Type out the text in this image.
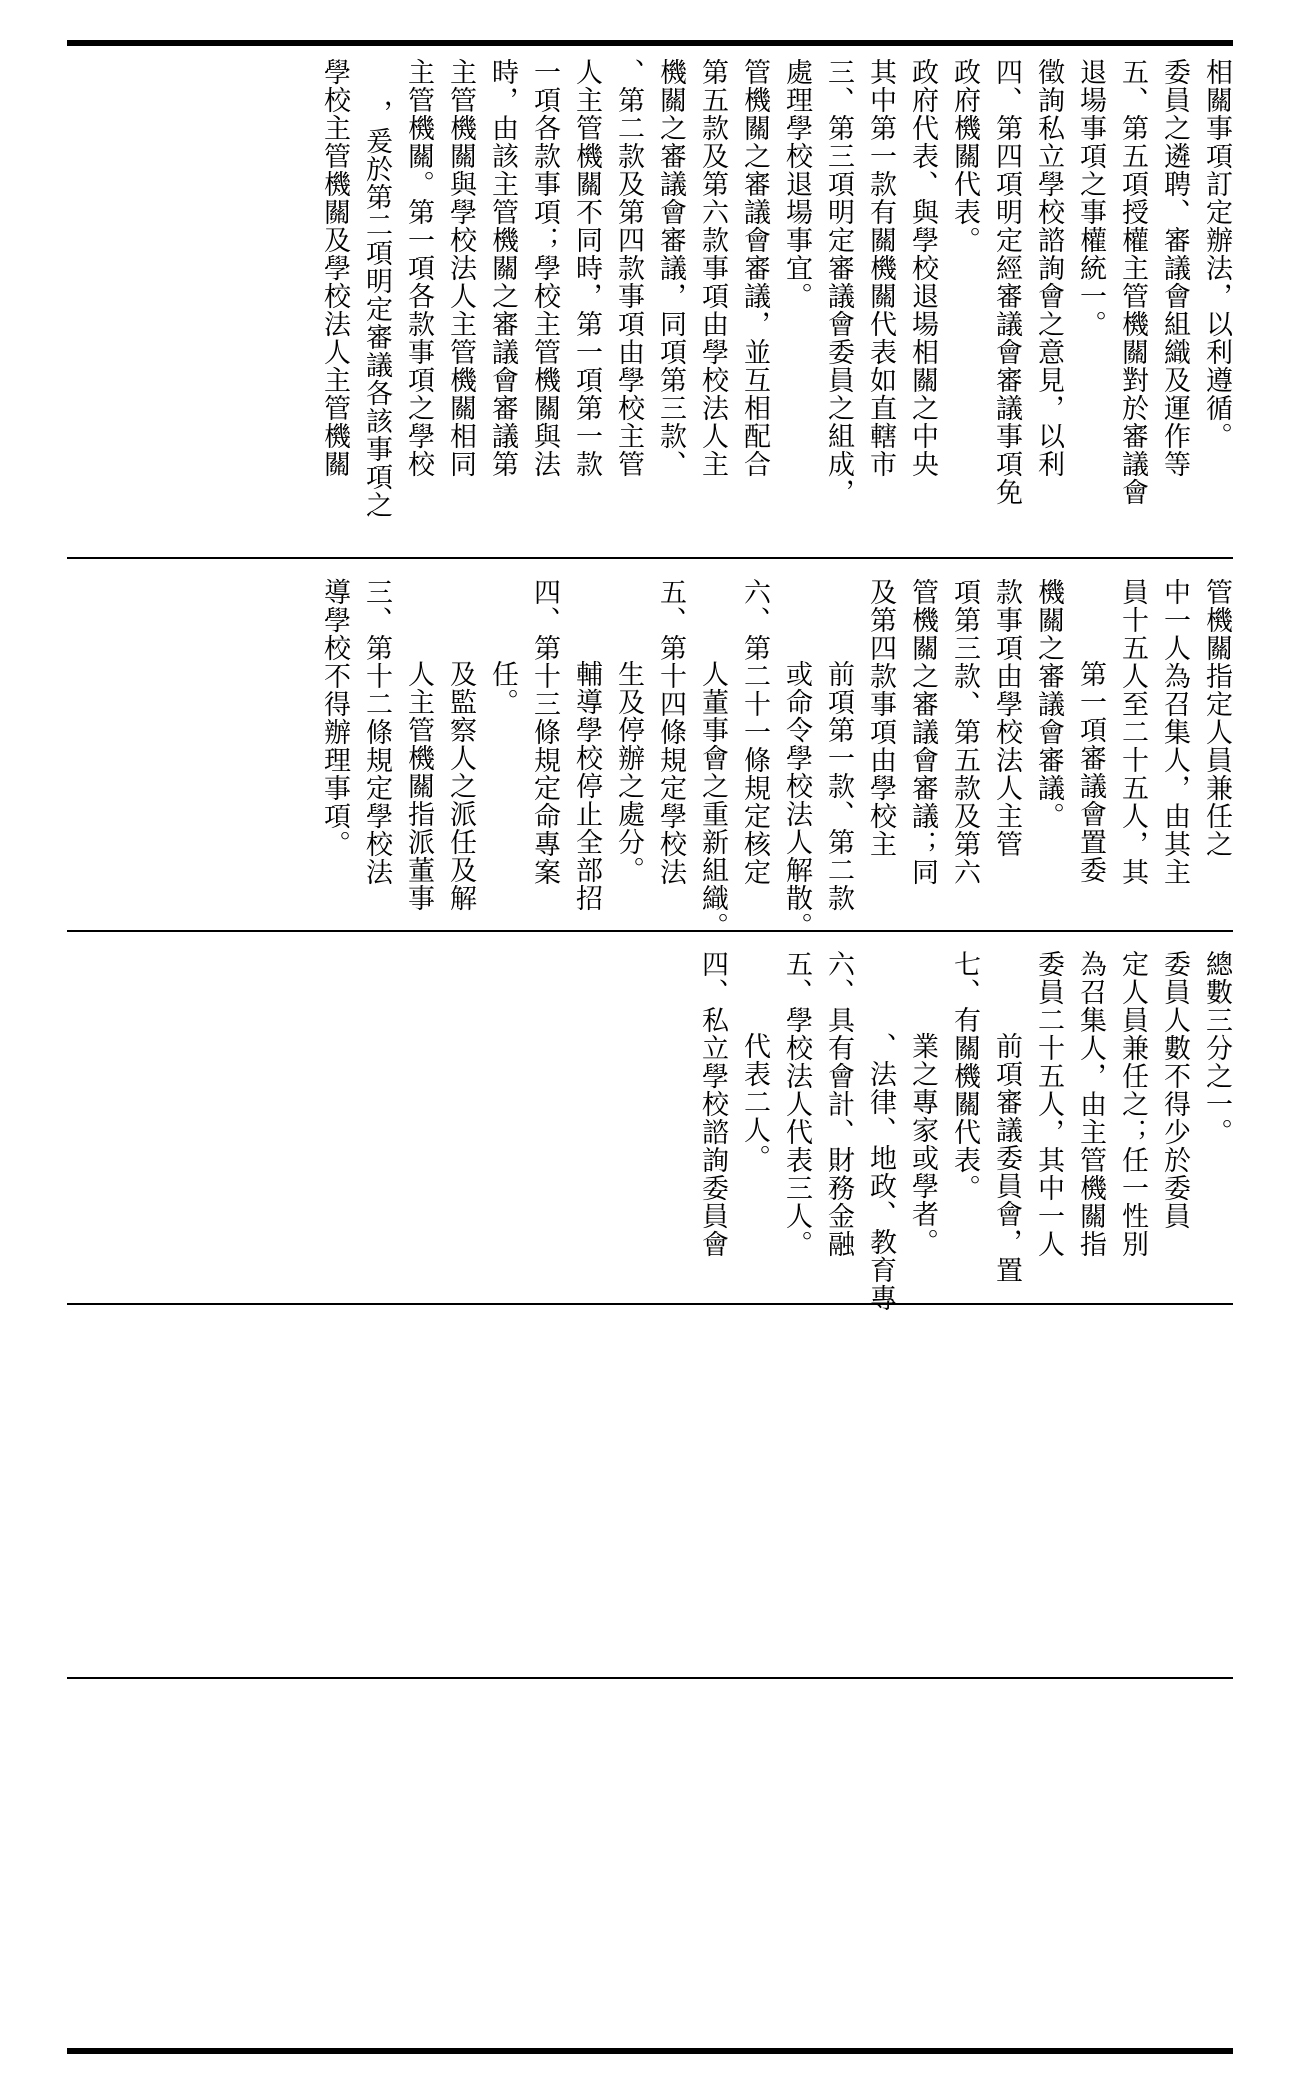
學校主管機關及學校法人主管機關 ，爰於第二項明定審議各該事項之 主管機關。第一項各款事項之學校 主管機關與學校法人主管機關相同 時，由該主管機關之審議會審議第 一項各款事項；學校主管機關與法 人主管機關不同時，第一項第一款 、第二款及第四款事項由學校主管 機關之審議會審議，同項第三款、 第五款及第六款事項由學校法人主 管機關之審議會審議，並互相配合 處理學校退場事宜。 三、第三項明定審議會委員之組成， 其中第一款有關機關代表如直轄市 政府代表、與學校退場相關之中央 政府機關代表。 四、第四項明定經審議會審議事項免 徵詢私立學校諮詢會之意見，以利 退場事項之事權統一。 五、第五項授權主管機關對於審議會 委員之遴聘、審議會組織及運作等 相關事項訂定辦法，以利遵循。
導學校不得辦理事項。 三、第十二條規定學校法 人主管機關指派董事 及監察人之派任及解 任。 四、第十三條規定命專案 輔導學校停止全部招 生及停辦之處分。 五、第十四條規定學校法 人董事會之重新組織。 六、第二十一條規定核定 或命令學校法人解散。 前項第一款、第二款 及第四款事項由學校主 管機關之審議會審議；同 項第三款、第五款及第六 款事項由學校法人主管 機關之審議會審議。 第一項審議會置委 員十五人至二十五人，其 中一人為召集人，由其主 管機關指定人員兼任之
四、私立學校諮詢委員會 代表二人。 五、學校法人代表三人。 六、具有會計、財務金融 、法律、地政、教育專 業之專家或學者。 七、有關機關代表。 前項審議委員會，置 委員二十五人，其中一人 為召集人，由主管機關指 定人員兼任之；任一性別 委員人數不得少於委員 總數三分之一。
